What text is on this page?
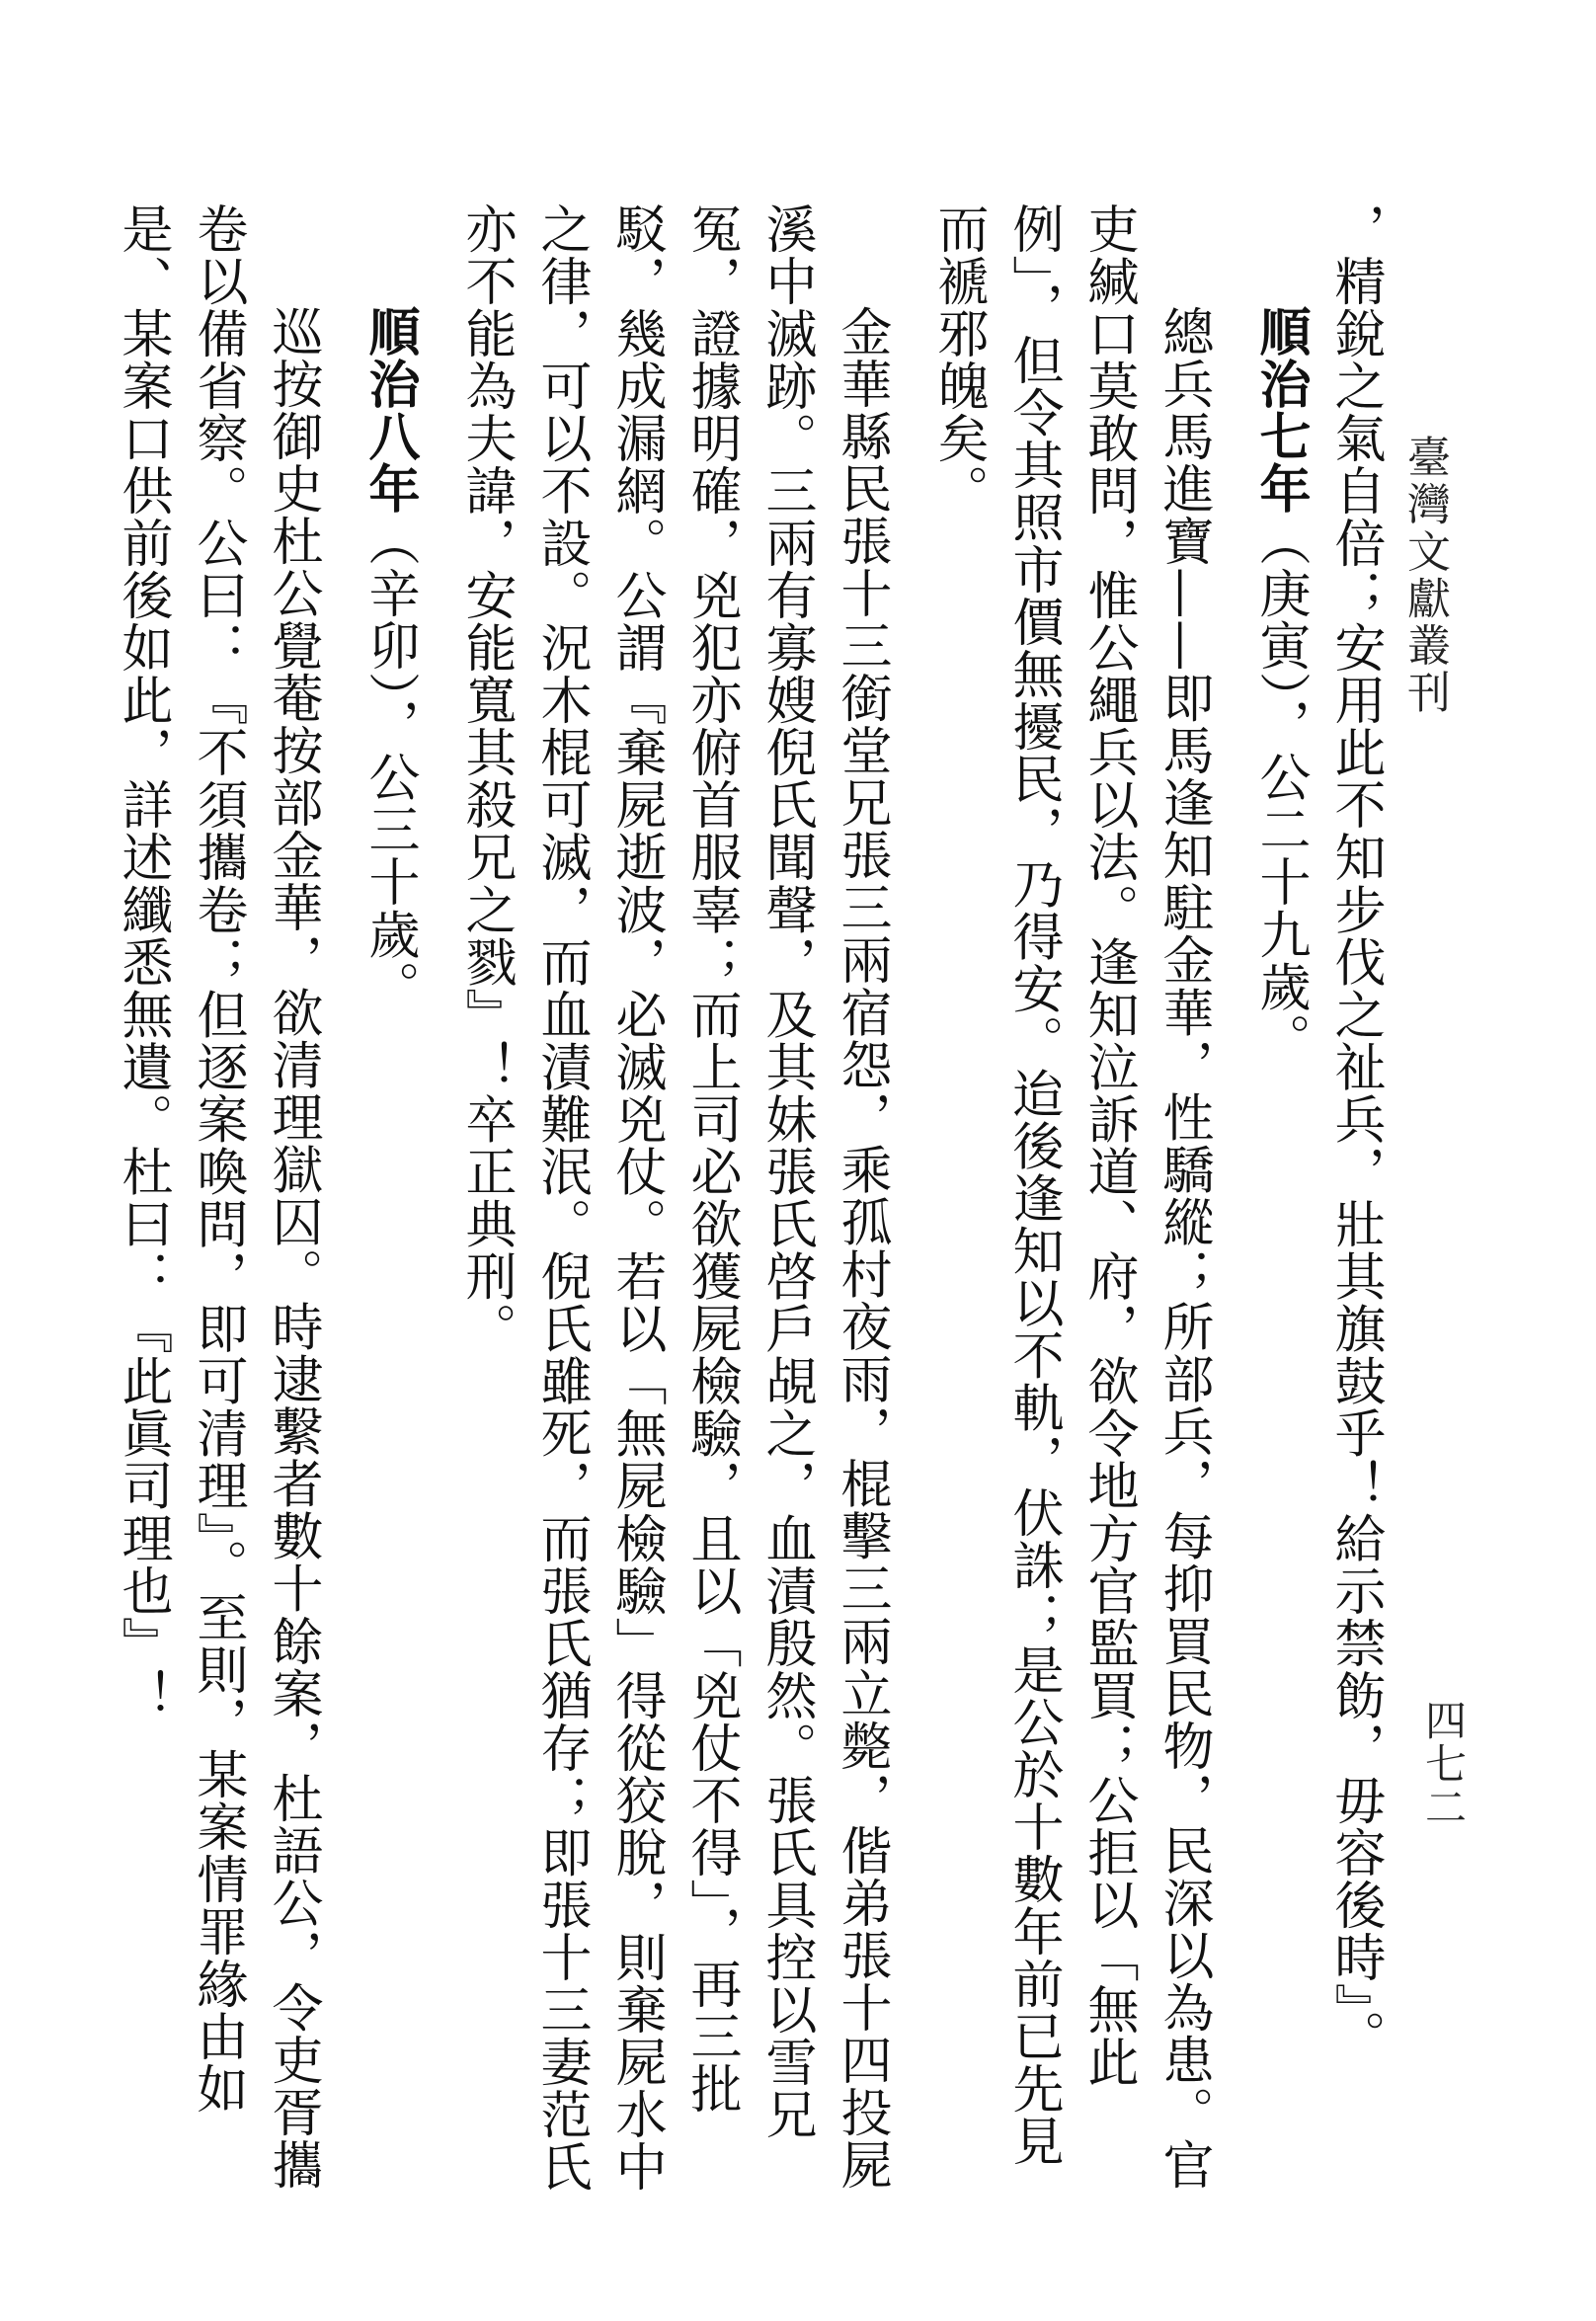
臺灣文獻叢刊
四七二

，精銳之氣自倍；安用此不知步伐之祉兵，壯其旗鼓乎！給示禁飭，毋容後時』。

順治七年（庚寅），公二十九歲。

總兵馬進寶——即馬逢知駐金華，性驕縱；所部兵，每抑買民物，民深以為患。官吏緘口莫敢問，惟公繩兵以法。逢知泣訴道、府，欲令地方官監買；公拒以「無此例」，但令其照市價無擾民，乃得安。迨後逢知以不軌，伏誅；是公於十數年前已先見而褫邪魄矣。

金華縣民張十三銜堂兄張三兩宿怨，乘孤村夜雨，棍擊三兩立斃，偕弟張十四投屍溪中滅跡。三兩有寡嫂倪氏聞聲，及其妹張氏啓戶覘之，血漬殷然。張氏具控以雪兄冤，證據明確，兇犯亦俯首服辜；而上司必欲獲屍檢驗，且以「兇仗不得」，再三批駁，幾成漏網。公謂『棄屍逝波，必滅兇仗。若以「無屍檢驗」得從狡脫，則棄屍水中之律，可以不設。況木棍可滅，而血漬難泯。倪氏雖死，而張氏猶存；即張十三妻范氏亦不能為夫諱，安能寬其殺兄之戮』！卒正典刑。

順治八年（辛卯），公三十歲。

巡按御史杜公覺菴按部金華，欲清理獄囚。時逮繫者數十餘案，杜語公，令吏胥攜卷以備省察。公曰：『不須攜卷；但逐案喚問，即可清理』。至則，某案情罪緣由如是、某案口供前後如此，詳述纖悉無遺。杜曰：『此眞司理也』！
